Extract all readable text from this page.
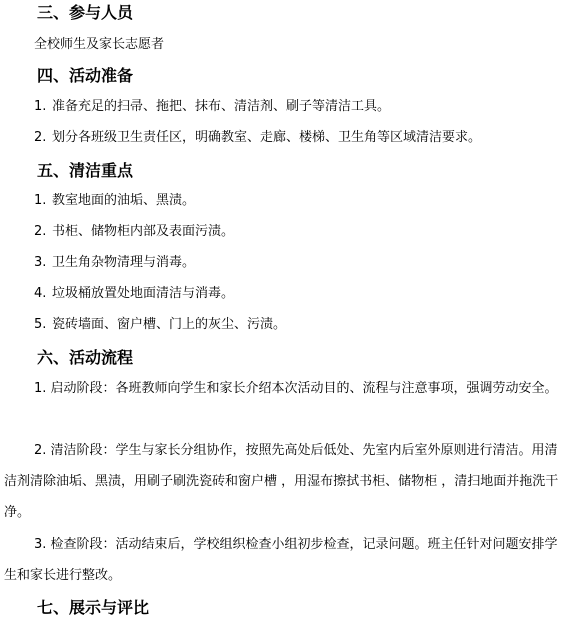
三、参与人员
全校师生及家长志愿者
四、活动准备
1. 准备充足的扫帚、拖把、抹布、清洁剂、刷子等清洁工具。
2. 划分各班级卫生责任区，明确教室、走廊、楼梯、卫生角等区域清洁要求。
五、清洁重点
1. 教室地面的油垢、黑渍。
2. 书柜、储物柜内部及表面污渍。
3. 卫生角杂物清理与消毒。
4. 垃圾桶放置处地面清洁与消毒。
5. 瓷砖墙面、窗户槽、门上的灰尘、污渍。
六、活动流程
1. 启动阶段：各班教师向学生和家长介绍本次活动目的、流程与注意事项，强调劳动安全。
2. 清洁阶段：学生与家长分组协作，按照先高处后低处、先室内后室外原则进行清洁。用清洁剂清除油垢、黑渍，用刷子刷洗瓷砖和窗户槽 ，用湿布擦拭书柜、储物柜 ，清扫地面并拖洗干净。
3. 检查阶段：活动结束后，学校组织检查小组初步检查，记录问题。班主任针对问题安排学生和家长进行整改。
七、展示与评比
